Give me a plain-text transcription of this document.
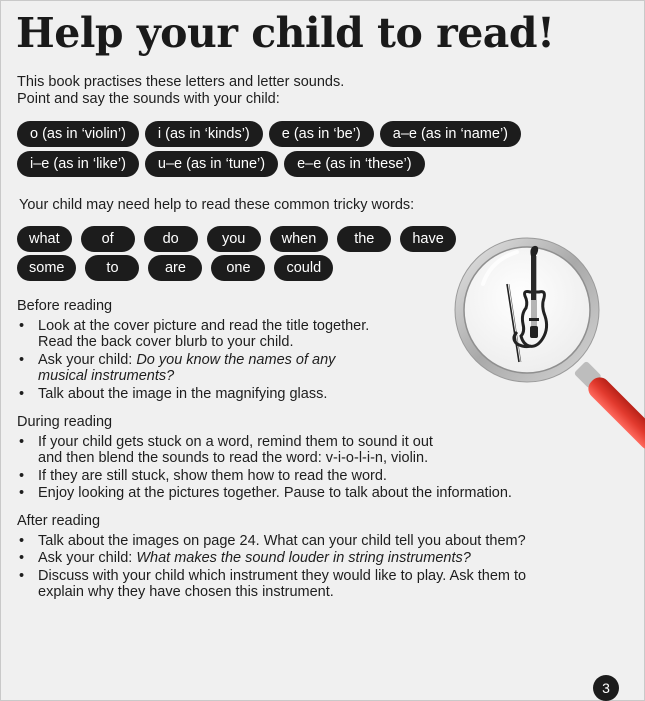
Help your child to read!
This book practises these letters and letter sounds.
Point and say the sounds with your child:
o (as in ‘violin’)	i (as in ‘kinds’)	e (as in ‘be’)	a–e (as in ‘name’)
i–e (as in ‘like’)	u–e (as in ‘tune’)	e–e (as in ‘these’)
Your child may need help to read these common tricky words:
what	of	do	you	when	the	have
some	to	are	one	could
Before reading
• Look at the cover picture and read the title together.
Read the back cover blurb to your child.
• Ask your child: Do you know the names of any
musical instruments?
• Talk about the image in the magnifying glass.
During reading
• If your child gets stuck on a word, remind them to sound it out
and then blend the sounds to read the word: v-i-o-l-i-n, violin.
• If they are still stuck, show them how to read the word.
• Enjoy looking at the pictures together. Pause to talk about the information.
After reading
• Talk about the images on page 24. What can your child tell you about them?
• Ask your child: What makes the sound louder in string instruments?
• Discuss with your child which instrument they would like to play. Ask them to
explain why they have chosen this instrument.
3
